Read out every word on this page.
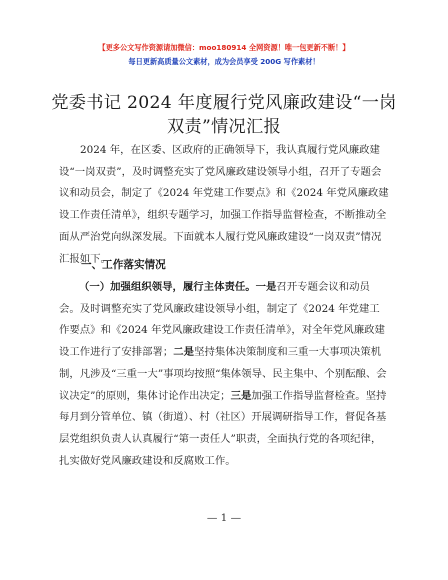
【更多公文写作资源请加微信：moo180914 全网资源！唯一包更新不断！】
每日更新高质量公文素材，成为会员享受 200G 写作素材！
党委书记 2024 年度履行党风廉政建设“一岗双责”情况汇报
2024 年，在区委、区政府的正确领导下，我认真履行党风廉政建设“一岗双责”，及时调整充实了党风廉政建设领导小组，召开了专题会议和动员会，制定了《2024 年党建工作要点》和《2024 年党风廉政建设工作责任清单》，组织专题学习，加强工作指导监督检查，不断推动全面从严治党向纵深发展。下面就本人履行党风廉政建设“一岗双责”情况汇报如下。
一、工作落实情况
（一）加强组织领导，履行主体责任。一是召开专题会议和动员会。及时调整充实了党风廉政建设领导小组，制定了《2024 年党建工作要点》和《2024 年党风廉政建设工作责任清单》，对全年党风廉政建设工作进行了安排部署；二是坚持集体决策制度和三重一大事项决策机制，凡涉及“三重一大”事项均按照“集体领导、民主集中、个别酝酿、会议决定”的原则，集体讨论作出决定；三是加强工作指导监督检查。坚持每月到分管单位、镇（街道）、村（社区）开展调研指导工作，督促各基层党组织负责人认真履行“第一责任人”职责，全面执行党的各项纪律，扎实做好党风廉政建设和反腐败工作。
— 1 —
